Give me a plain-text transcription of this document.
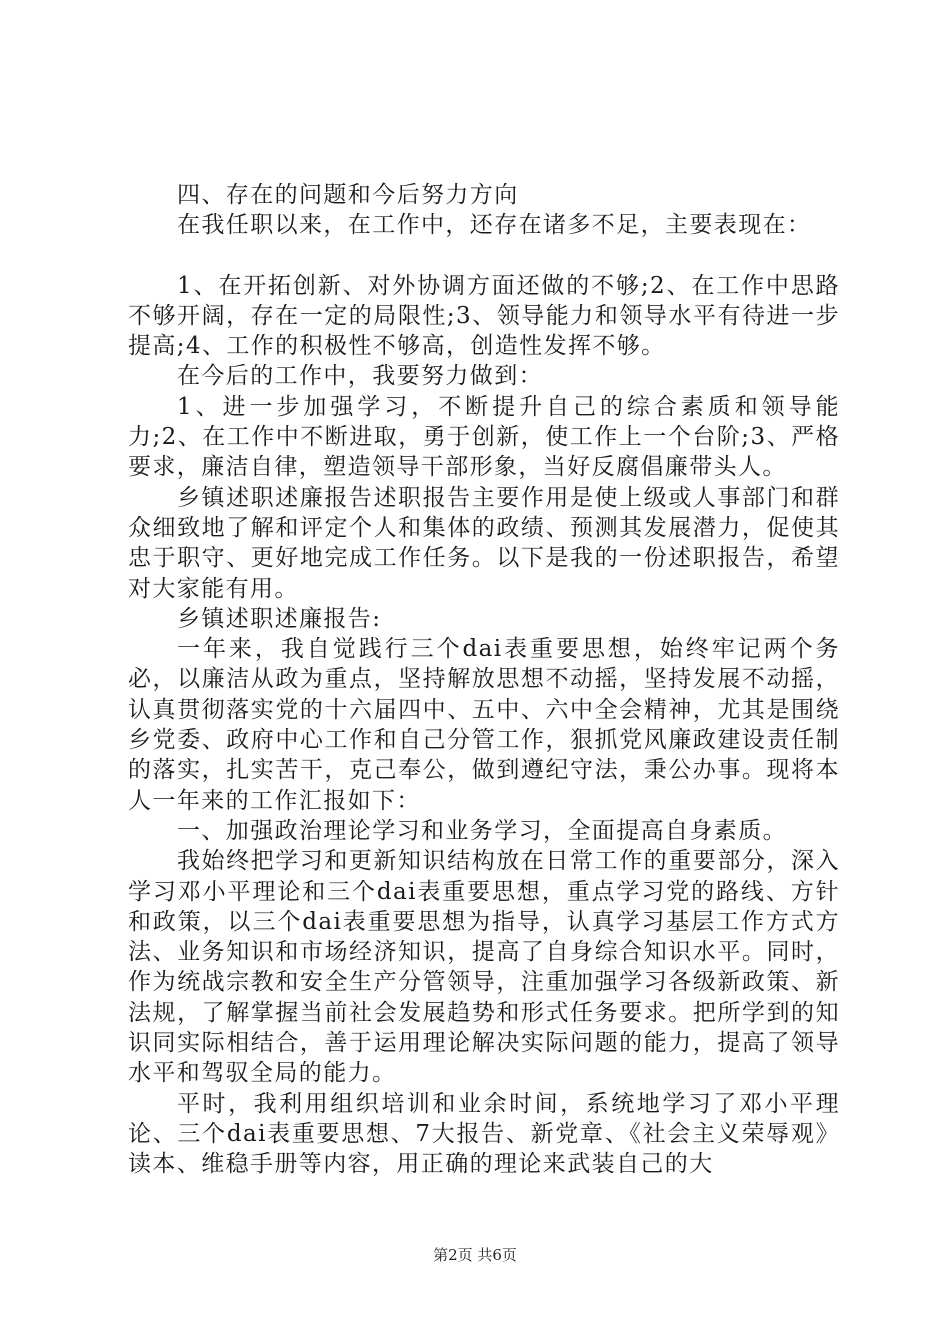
四、存在的问题和今后努力方向

在我任职以来，在工作中，还存在诸多不足，主要表现在：

1、在开拓创新、对外协调方面还做的不够;2、在工作中思路不够开阔，存在一定的局限性;3、领导能力和领导水平有待进一步提高;4、工作的积极性不够高，创造性发挥不够。

在今后的工作中，我要努力做到：

1、进一步加强学习，不断提升自己的综合素质和领导能力;2、在工作中不断进取，勇于创新，使工作上一个台阶;3、严格要求，廉洁自律，塑造领导干部形象，当好反腐倡廉带头人。

乡镇述职述廉报告述职报告主要作用是使上级或人事部门和群众细致地了解和评定个人和集体的政绩、预测其发展潜力，促使其忠于职守、更好地完成工作任务。以下是我的一份述职报告，希望对大家能有用。

乡镇述职述廉报告:

一年来，我自觉践行三个dai表重要思想，始终牢记两个务必，以廉洁从政为重点，坚持解放思想不动摇，坚持发展不动摇，认真贯彻落实党的十六届四中、五中、六中全会精神，尤其是围绕乡党委、政府中心工作和自己分管工作，狠抓党风廉政建设责任制的落实，扎实苦干，克己奉公，做到遵纪守法，秉公办事。现将本人一年来的工作汇报如下：

一、加强政治理论学习和业务学习，全面提高自身素质。

我始终把学习和更新知识结构放在日常工作的重要部分，深入学习邓小平理论和三个dai表重要思想，重点学习党的路线、方针和政策，以三个dai表重要思想为指导，认真学习基层工作方式方法、业务知识和市场经济知识，提高了自身综合知识水平。同时，作为统战宗教和安全生产分管领导，注重加强学习各级新政策、新法规，了解掌握当前社会发展趋势和形式任务要求。把所学到的知识同实际相结合，善于运用理论解决实际问题的能力，提高了领导水平和驾驭全局的能力。

平时，我利用组织培训和业余时间，系统地学习了邓小平理论、三个dai表重要思想、7大报告、新党章、《社会主义荣辱观》读本、维稳手册等内容，用正确的理论来武装自己的大

第2页 共6页
